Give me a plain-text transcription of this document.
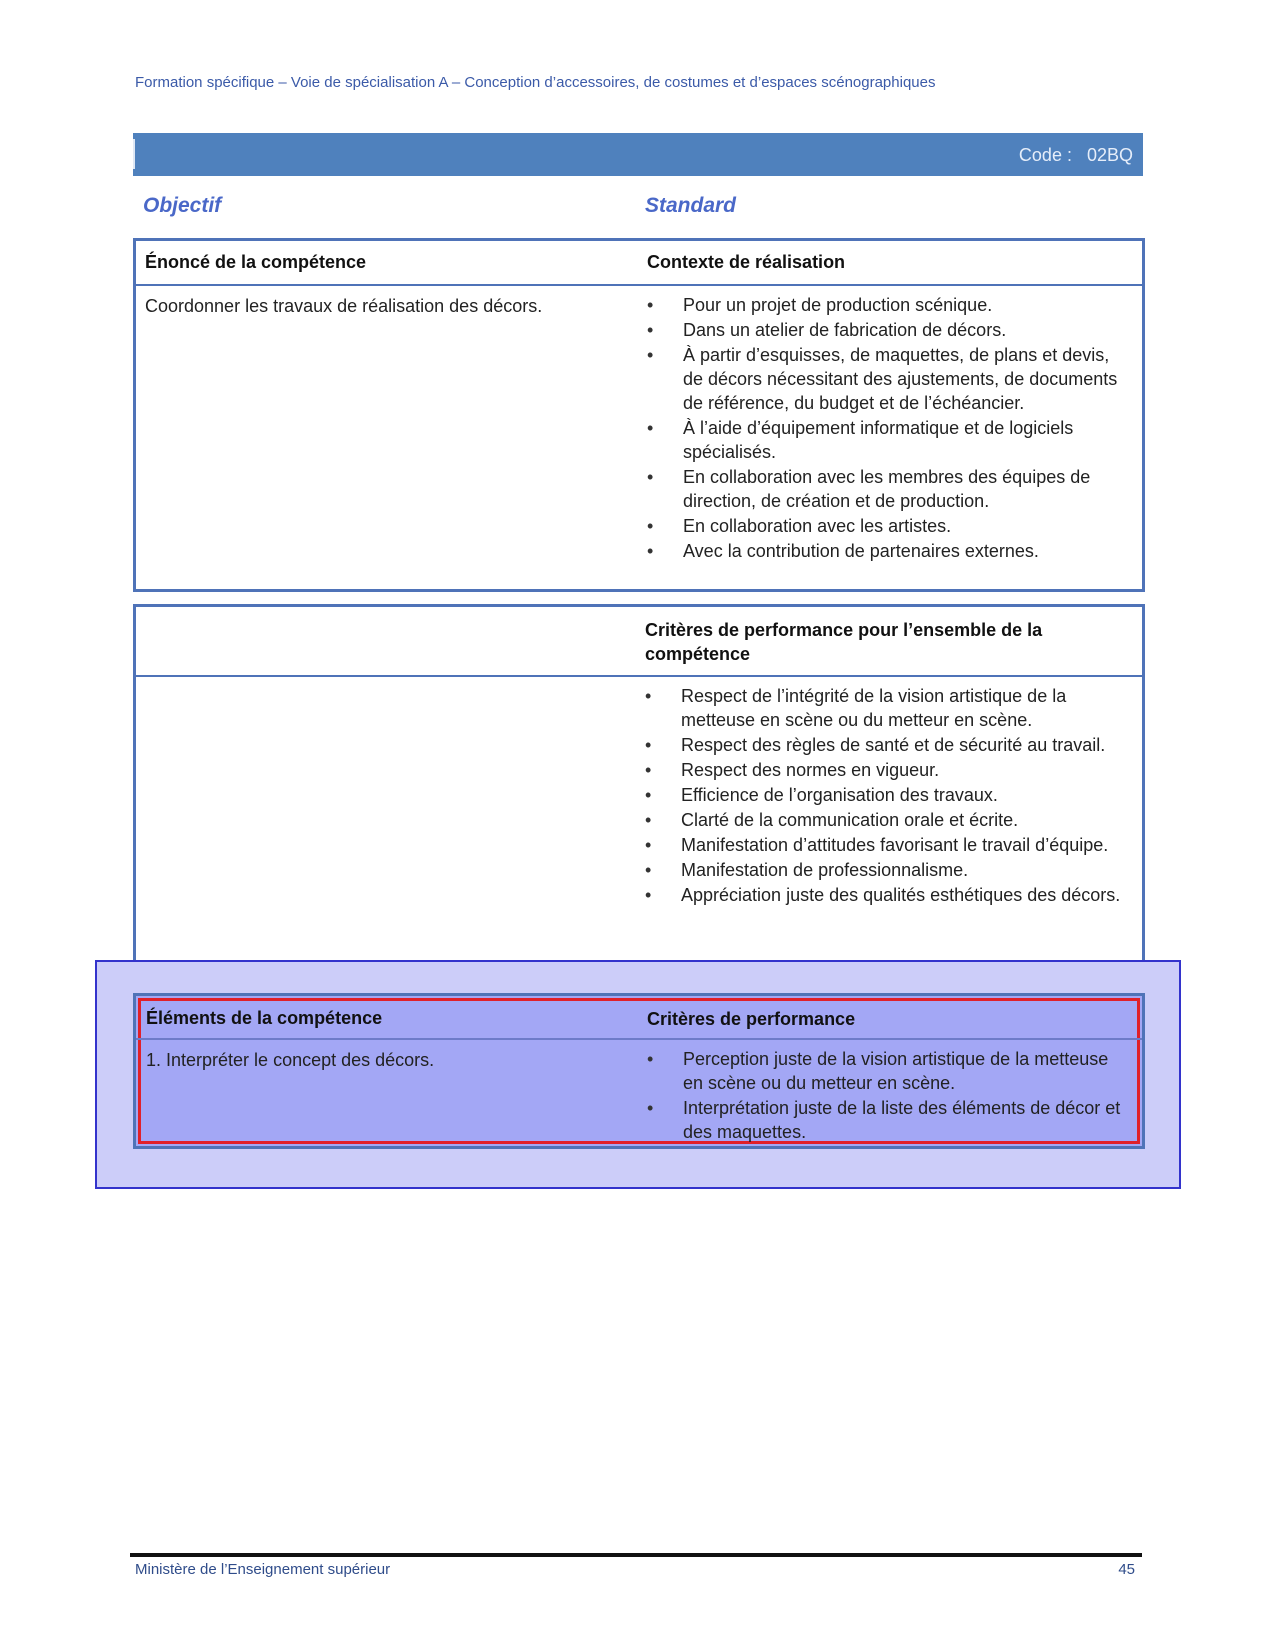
Formation spécifique – Voie de spécialisation A – Conception d’accessoires, de costumes et d’espaces scénographiques
Code :   02BQ
Objectif	Standard
Énoncé de la compétence	Contexte de réalisation
Coordonner les travaux de réalisation des décors.	• Pour un projet de production scénique.
• Dans un atelier de fabrication de décors.
• À partir d’esquisses, de maquettes, de plans et devis, de décors nécessitant des ajustements, de documents de référence, du budget et de l’échéancier.
• À l’aide d’équipement informatique et de logiciels spécialisés.
• En collaboration avec les membres des équipes de direction, de création et de production.
• En collaboration avec les artistes.
• Avec la contribution de partenaires externes.
Critères de performance pour l’ensemble de la compétence
• Respect de l’intégrité de la vision artistique de la metteuse en scène ou du metteur en scène.
• Respect des règles de santé et de sécurité au travail.
• Respect des normes en vigueur.
• Efficience de l’organisation des travaux.
• Clarté de la communication orale et écrite.
• Manifestation d’attitudes favorisant le travail d’équipe.
• Manifestation de professionnalisme.
• Appréciation juste des qualités esthétiques des décors.
Éléments de la compétence	Critères de performance
1. Interpréter le concept des décors.	• Perception juste de la vision artistique de la metteuse en scène ou du metteur en scène.
• Interprétation juste de la liste des éléments de décor et des maquettes.
Ministère de l’Enseignement supérieur	45
